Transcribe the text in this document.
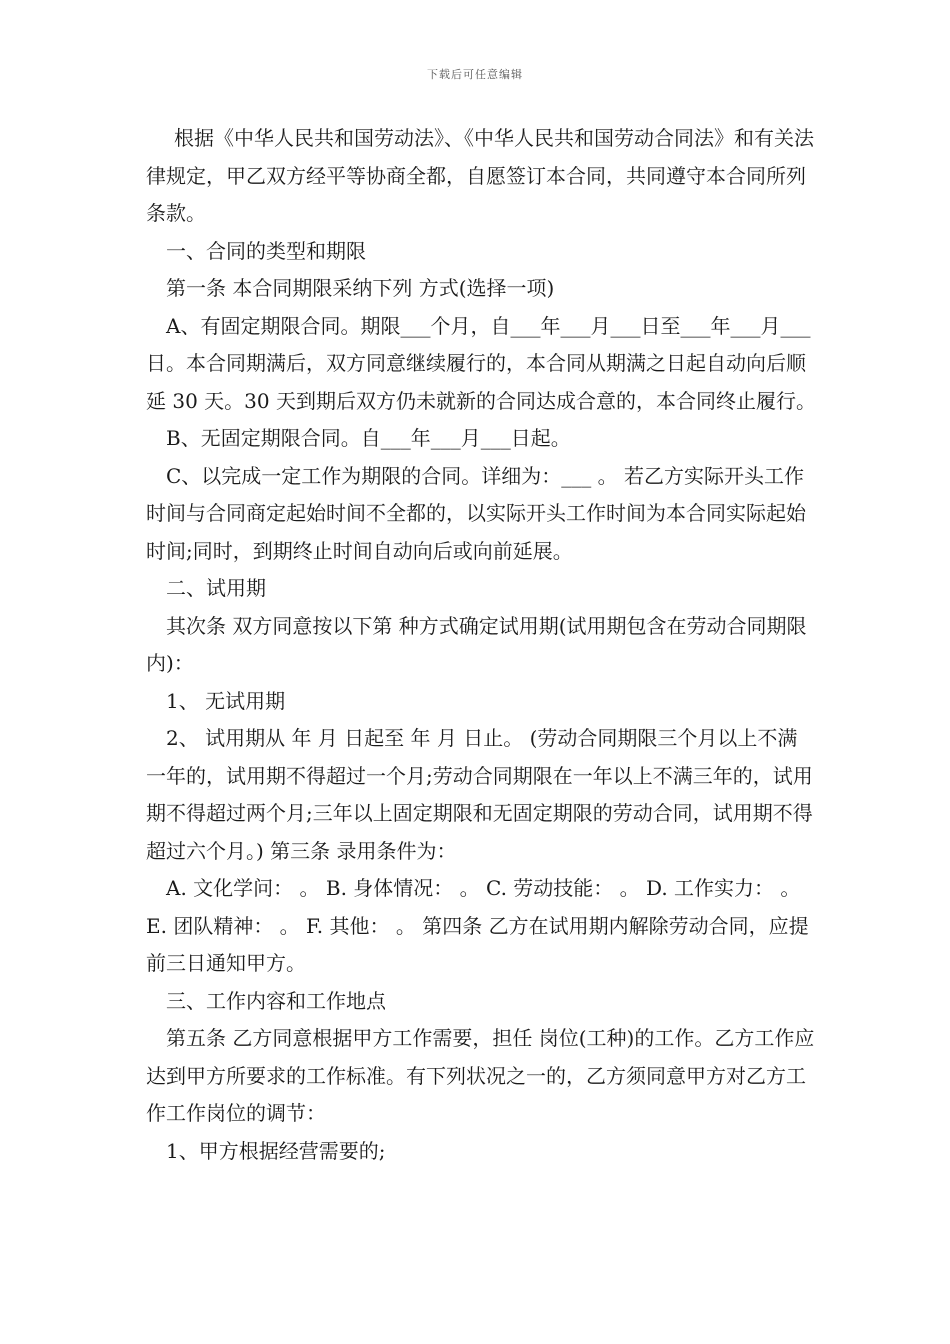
下载后可任意编辑

根据《中华人民共和国劳动法》、《中华人民共和国劳动合同法》和有关法律规定，甲乙双方经平等协商全都，自愿签订本合同，共同遵守本合同所列条款。

一、合同的类型和期限

第一条 本合同期限采纳下列 方式(选择一项)

A、有固定期限合同。期限___个月，自___年___月___日至___年___月___日。本合同期满后，双方同意继续履行的，本合同从期满之日起自动向后顺延 30 天。30 天到期后双方仍未就新的合同达成合意的，本合同终止履行。

B、无固定期限合同。自___年___月___日起。

C、以完成一定工作为期限的合同。详细为：___ 。 若乙方实际开头工作时间与合同商定起始时间不全都的，以实际开头工作时间为本合同实际起始时间;同时，到期终止时间自动向后或向前延展。

二、试用期

其次条 双方同意按以下第 种方式确定试用期(试用期包含在劳动合同期限内)：

1、 无试用期

2、 试用期从 年 月 日起至 年 月 日止。 (劳动合同期限三个月以上不满一年的，试用期不得超过一个月;劳动合同期限在一年以上不满三年的，试用期不得超过两个月;三年以上固定期限和无固定期限的劳动合同，试用期不得超过六个月。) 第三条 录用条件为：

A. 文化学问： 。 B. 身体情况： 。 C. 劳动技能： 。 D. 工作实力： 。 E. 团队精神： 。 F. 其他： 。 第四条 乙方在试用期内解除劳动合同，应提前三日通知甲方。

三、工作内容和工作地点

第五条 乙方同意根据甲方工作需要，担任 岗位(工种)的工作。乙方工作应达到甲方所要求的工作标准。有下列状况之一的，乙方须同意甲方对乙方工作工作岗位的调节：

1、甲方根据经营需要的;
